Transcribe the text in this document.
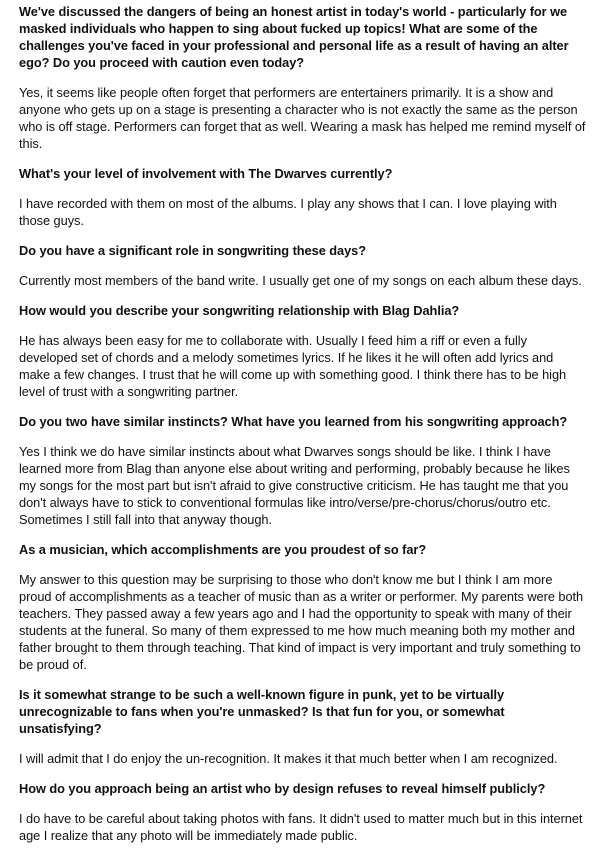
We've discussed the dangers of being an honest artist in today's world - particularly for we masked individuals who happen to sing about fucked up topics! What are some of the challenges you've faced in your professional and personal life as a result of having an alter ego? Do you proceed with caution even today?

Yes, it seems like people often forget that performers are entertainers primarily. It is a show and anyone who gets up on a stage is presenting a character who is not exactly the same as the person who is off stage. Performers can forget that as well. Wearing a mask has helped me remind myself of this.

What's your level of involvement with The Dwarves currently?

I have recorded with them on most of the albums. I play any shows that I can. I love playing with those guys.

Do you have a significant role in songwriting these days?

Currently most members of the band write. I usually get one of my songs on each album these days.

How would you describe your songwriting relationship with Blag Dahlia?

He has always been easy for me to collaborate with. Usually I feed him a riff or even a fully developed set of chords and a melody sometimes lyrics. If he likes it he will often add lyrics and make a few changes. I trust that he will come up with something good. I think there has to be high level of trust with a songwriting partner.

Do you two have similar instincts? What have you learned from his songwriting approach?

Yes I think we do have similar instincts about what Dwarves songs should be like. I think I have learned more from Blag than anyone else about writing and performing, probably because he likes my songs for the most part but isn't afraid to give constructive criticism. He has taught me that you don't always have to stick to conventional formulas like intro/verse/pre-chorus/chorus/outro etc. Sometimes I still fall into that anyway though.

As a musician, which accomplishments are you proudest of so far?

My answer to this question may be surprising to those who don't know me but I think I am more proud of accomplishments as a teacher of music than as a writer or performer. My parents were both teachers. They passed away a few years ago and I had the opportunity to speak with many of their students at the funeral. So many of them expressed to me how much meaning both my mother and father brought to them through teaching. That kind of impact is very important and truly something to be proud of.

Is it somewhat strange to be such a well-known figure in punk, yet to be virtually unrecognizable to fans when you're unmasked? Is that fun for you, or somewhat unsatisfying?

I will admit that I do enjoy the un-recognition. It makes it that much better when I am recognized.

How do you approach being an artist who by design refuses to reveal himself publicly?

I do have to be careful about taking photos with fans. It didn't used to matter much but in this internet age I realize that any photo will be immediately made public.
